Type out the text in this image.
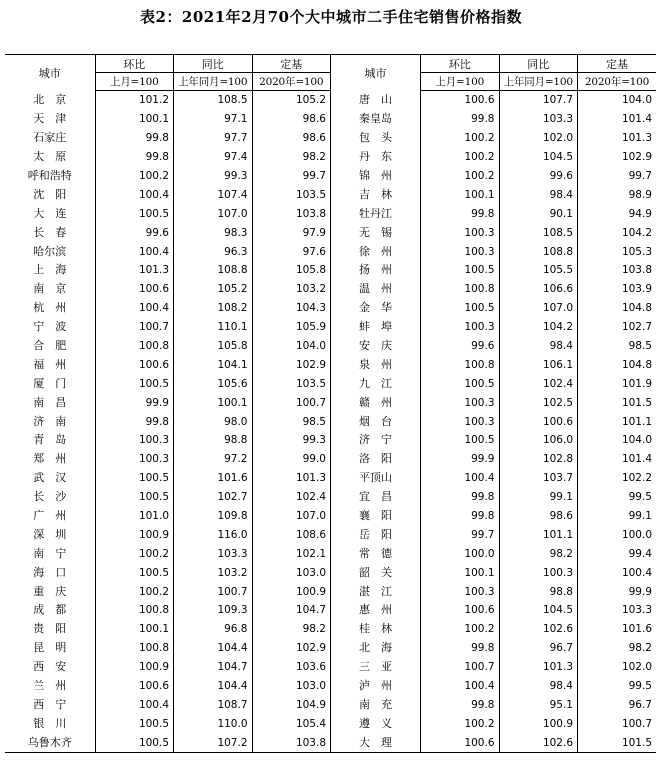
表2：2021年2月70个大中城市二手住宅销售价格指数
城市	环比	同比	定基	城市	环比	同比	定基
	上月=100	上年同月=100	2020年=100		上月=100	上年同月=100	2020年=100
北　京	101.2	108.5	105.2	唐　山	100.6	107.7	104.0
天　津	100.1	97.1	98.6	秦皇岛	99.8	103.3	101.4
石家庄	99.8	97.7	98.6	包　头	100.2	102.0	101.3
太　原	99.8	97.4	98.2	丹　东	100.2	104.5	102.9
呼和浩特	100.2	99.3	99.7	锦　州	100.2	99.6	99.7
沈　阳	100.4	107.4	103.5	吉　林	100.1	98.4	98.9
大　连	100.5	107.0	103.8	牡丹江	99.8	90.1	94.9
长　春	99.6	98.3	97.9	无　锡	100.3	108.5	104.2
哈尔滨	100.4	96.3	97.6	徐　州	100.3	108.8	105.3
上　海	101.3	108.8	105.8	扬　州	100.5	105.5	103.8
南　京	100.6	105.2	103.2	温　州	100.8	106.6	103.9
杭　州	100.4	108.2	104.3	金　华	100.5	107.0	104.8
宁　波	100.7	110.1	105.9	蚌　埠	100.3	104.2	102.7
合　肥	100.8	105.8	104.0	安　庆	99.6	98.4	98.5
福　州	100.6	104.1	102.9	泉　州	100.8	106.1	104.8
厦　门	100.5	105.6	103.5	九　江	100.5	102.4	101.9
南　昌	99.9	100.1	100.7	赣　州	100.3	102.5	101.5
济　南	99.8	98.0	98.5	烟　台	100.3	100.6	101.1
青　岛	100.3	98.8	99.3	济　宁	100.5	106.0	104.0
郑　州	100.3	97.2	99.0	洛　阳	99.9	102.8	101.4
武　汉	100.5	101.6	101.3	平顶山	100.4	103.7	102.2
长　沙	100.5	102.7	102.4	宜　昌	99.8	99.1	99.5
广　州	101.0	109.8	107.0	襄　阳	99.8	98.6	99.1
深　圳	100.9	116.0	108.6	岳　阳	99.7	101.1	100.0
南　宁	100.2	103.3	102.1	常　德	100.0	98.2	99.4
海　口	100.5	103.2	103.0	韶　关	100.1	100.3	100.4
重　庆	100.2	100.7	100.9	湛　江	100.3	98.8	99.9
成　都	100.8	109.3	104.7	惠　州	100.6	104.5	103.3
贵　阳	100.1	96.8	98.2	桂　林	100.2	102.6	101.6
昆　明	100.8	104.4	102.9	北　海	99.8	96.7	98.2
西　安	100.9	104.7	103.6	三　亚	100.7	101.3	102.0
兰　州	100.6	104.4	103.0	泸　州	100.4	98.4	99.5
西　宁	100.4	108.7	104.9	南　充	99.8	95.1	96.7
银　川	100.5	110.0	105.4	遵　义	100.2	100.9	100.7
乌鲁木齐	100.5	107.2	103.8	大　理	100.6	102.6	101.5
